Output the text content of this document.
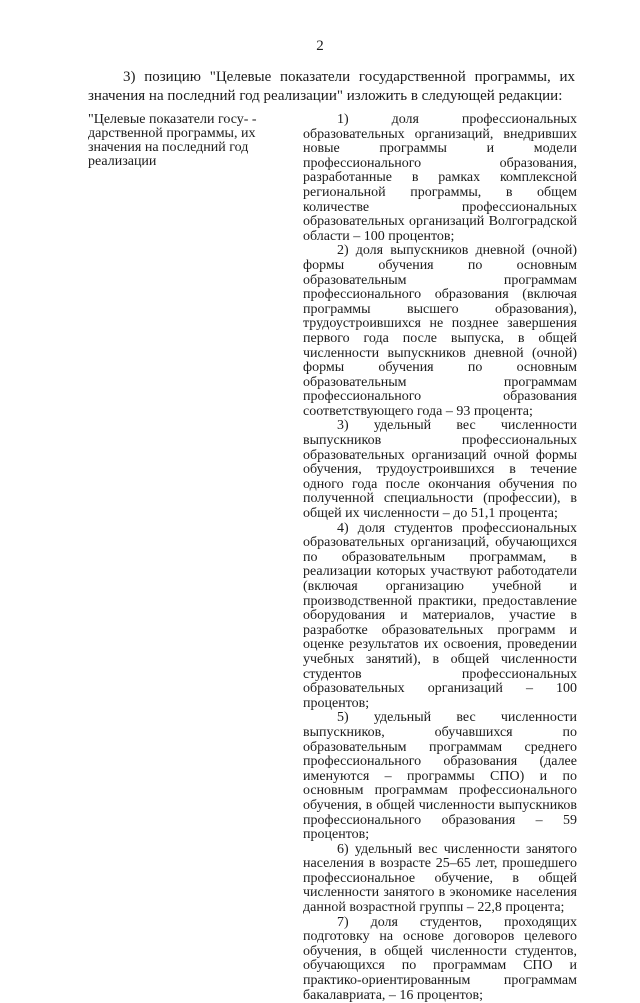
2

3) позицию "Целевые показатели государственной программы, их значения на последний год реализации" изложить в следующей редакции:

"Целевые показатели госу- - дарственной программы, их значения на последний год реализации

1) доля профессиональных образовательных организаций, внедривших новые программы и модели профессионального образования, разработанные в рамках комплексной региональной программы, в общем количестве профессиональных образовательных организаций Волгоградской области – 100 процентов;

2) доля выпускников дневной (очной) формы обучения по основным образовательным программам профессионального образования (включая программы высшего образования), трудоустроившихся не позднее завершения первого года после выпуска, в общей численности выпускников дневной (очной) формы обучения по основным образовательным программам профессионального образования соответствующего года – 93 процента;

3) удельный вес численности выпускников профессиональных образовательных организаций очной формы обучения, трудоустроившихся в течение одного года после окончания обучения по полученной специальности (профессии), в общей их численности – до 51,1 процента;

4) доля студентов профессиональных образовательных организаций, обучающихся по образовательным программам, в реализации которых участвуют работодатели (включая организацию учебной и производственной практики, предоставление оборудования и материалов, участие в разработке образовательных программ и оценке результатов их освоения, проведении учебных занятий), в общей численности студентов профессиональных образовательных организаций – 100 процентов;

5) удельный вес численности выпускников, обучавшихся по образовательным программам среднего профессионального образования (далее именуются – программы СПО) и по основным программам профессионального обучения, в общей численности выпускников профессионального образования – 59 процентов;

6) удельный вес численности занятого населения в возрасте 25–65 лет, прошедшего профессиональное обучение, в общей численности занятого в экономике населения данной возрастной группы – 22,8 процента;

7) доля студентов, проходящих подготовку на основе договоров целевого обучения, в общей численности студентов, обучающихся по программам СПО и практико-ориентированным программам бакалавриата, – 16 процентов;
